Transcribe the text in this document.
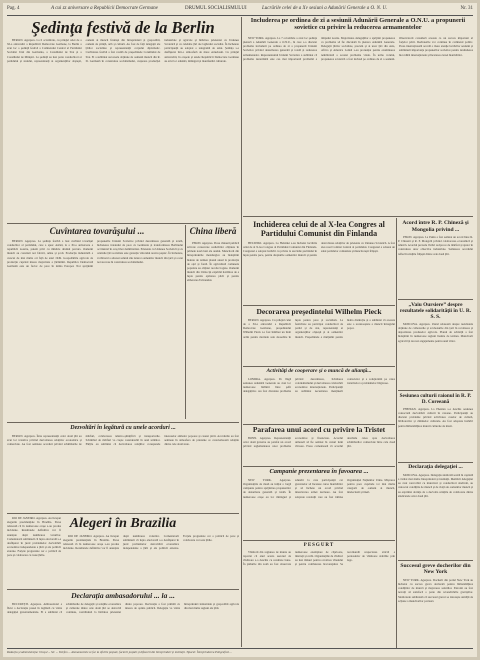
Pag. 4	A cui zz aniversare a Republicii Democrate Germane	DRUMUL SOCIALISMULUI	Lucrările celei de a Xv sesiuni a Adunării Generale a O. N. U.	Nr. 31
Şedinţa festivă de la Berlin

BERLIN. Agerpres. La 6 octombrie, cu prilejul celei de a XI-a aniversări a Republicii Democrate Germane, la Berlin a avut loc o şedinţă festivă a Comitetului Central al Partidului Socialist Unit din Germania, a Consiliului de Stat şi a Consiliului de Miniştri. La şedinţă au luat parte conducători ai partidului şi statului, reprezentanţi ai organizaţiilor obşteşti, oameni ai muncii fruntaşi din întreprinderi şi gospodării, oameni de ştiinţă, artă şi cultură. Au fost de faţă delegaţii ale ţărilor socialiste şi reprezentanţii corpului diplomatic. Cuvîntarea festivă a fost rostită de preşedintele Consiliului de Stat. El a subliniat succesele obţinute de oamenii muncii din R. D. Germană în construirea socialismului, creşterea producţiei industriale şi agricole şi întărirea prieteniei cu Uniunea Sovietică şi cu celelalte ţări ale lagărului socialist. În încheiere participanţii au adoptat o telegramă de salut. Şedinţa s-a desfăşurat într-o atmosferă de mare entuziasm. Cu prilejul aniversării, în oraşele şi satele Republicii Democrate Germane au avut loc adunări, mitinguri şi manifestări culturale.

Cuvîntarea tovarăşului ...

BERLIN. Agerpres. La şedinţa festivă a luat cuvîntul tovarăşul conducător al partidului, care a spus: Astăzi, la a XI-a aniversare a republicii noastre, putem privi cu mîndrie drumul parcurs. Oamenii muncii au construit noi fabrici, uzine şi şcoli. Producţia industrială a crescut de mai multe ori faţă de anul 1949. Gospodăriile agricole de producţie cuprind marea majoritate a ţărănimii. Republica Democrată Germană este un factor de pace în inima Europei. Noi sprijinim propunerile Uniunii Sovietice privind dezarmarea generală şi totală, încheierea tratatului de pace cu Germania şi transformarea Berlinului occidental în oraş liber demilitarizat. Prietenia cu Uniunea Sovietică şi cu celelalte ţări socialiste este garanţia viitorului nostru paşnic. În încheiere, vorbitorul a adresat salutul său tuturor oamenilor muncii din ţară şi a urat noi succese în construirea socialismului.

China liberă

PEKIN. Agerpres. Presa chineză publică articole consacrate realizărilor obţinute în primele nouă luni ale anului. Muncitorii din întreprinderile metalurgice au îndeplinit înainte de termen planul anual la producţia de oţel şi fontă. În agricultură comunele populare au obţinut recolte bogate. Oamenii muncii din China îşi exprimă hotărîrea de a lupta pentru apărarea păcii şi pentru eliberarea Taivanului.

Dezvoltări în legătură cu unele acorduri ...

BERLIN. Agerpres. Între reprezentanţii celor două ţări au avut loc tratative privind dezvoltarea relaţiilor economice şi comerciale. Au fost semnate acorduri privind schimburile de mărfuri, colaborarea tehnico-ştiinţifică şi transporturile. Schimbul de mărfuri va creşte considerabil în anul următor. Părţile au subliniat că dezvoltarea relaţiilor corespunde intereselor ambelor popoare şi cauzei păcii. Acordurile au fost semnate în atmosfera de prietenie ce caracterizează relaţiile dintre cele două state.

Alegeri în Brazilia

RIO DE JANEIRO. Agerpres. Au început alegerile prezidenţiale în Brazilia. Presa relatează că în numeroase oraşe s-au produs incidente. Rezultatele definitive vor fi anunţate după numărarea voturilor. Comentatorii subliniază că lupta electorală s-a desfăşurat în jurul problemelor dezvoltării economice independente a ţării şi ale politicii externe. Forţele progresiste cer o politică de pace şi colaborare cu toate ţările.

RIO DE JANEIRO. Agerpres. Au început alegerile prezidenţiale în Brazilia. Presa relatează că în numeroase oraşe s-au produs incidente. Rezultatele definitive vor fi anunţate după numărarea voturilor. Comentatorii subliniază că lupta electorală s-a desfăşurat în jurul problemelor dezvoltării economice independente a ţării şi ale politicii externe. Forţele progresiste cer o politică de pace şi colaborare cu toate ţările.

Declaraţia ambasadorului ... la ...

BUCUREŞTI. Agerpres. Ambasadorul a făcut o declaraţie presei în legătură cu vizita delegaţiei guvernamentale. El a subliniat că schimburile de delegaţii şi relaţiile economice şi culturale dintre cele două ţări se dezvoltă continuu, contribuind la întărirea prieteniei dintre popoare. Declaraţia a fost primită cu interes de opinia publică. Delegaţia va vizita întreprinderi industriale şi gospodării agricole din mai multe regiuni ale ţării.

Includerea pe ordinea de zi a sesiunii Adunării Generale a O.N.U. a propunerii sovietice cu privire la reducerea armamentelor

NEW YORK. Agerpres. La 7 octombrie a avut loc şedinţa plenară a Adunării Generale a O.N.U., în care s-a discutat problema includerii pe ordinea de zi a propunerii Uniunii Sovietice privind dezarmarea generală şi totală şi reducerea armamentelor. Reprezentantul Uniunii Sovietice a subliniat că problema dezarmării este cea mai importantă problemă a timpului nostru. Majoritatea delegaţiilor a sprijinit propunerea ca problema să fie discutată în plenara Adunării Generale. Delegaţii ţărilor socialiste, precum şi ai unor ţări din Asia, Africa şi America Latină s-au pronunţat pentru examinarea neîntîrziată a acestei probleme vitale. În urma votului, propunerea sovietică a fost inclusă pe ordinea de zi a sesiunii. Observatorii consideră aceasta ca un succes important al forţelor păcii. Dezbaterile vor continua în comitetul politic. Presa internaţională acordă o mare atenţie lucrărilor sesiunii şi subliniază importanţa propunerilor sovietice pentru destinderea încordării internaţionale şi încetarea cursei înarmărilor.

Inchiderea celui de al X-lea Congres al Partidului Comunist din Finlanda

HELSINKI. Agerpres. La Helsinki s-au încheiat lucrările celui de al X-lea Congres al Partidului Comunist din Finlanda. Congresul a adoptat hotărîri cu privire la sarcinile partidului în lupta pentru pace, pentru drepturile oamenilor muncii şi pentru dezvoltarea relaţiilor de prietenie cu Uniunea Sovietică. A fost ales noul Comitet Central al partidului. Congresul a adresat un salut partidelor comuniste şi muncitoreşti frăţeşti.

Decorarea preşedintelui Wilhelm Pieck

BERLIN. Agerpres. Cu prilejul celei de a XI-a aniversări a Republicii Democrate Germane, preşedintelui Wilhelm Pieck i-a fost înmînat un înalt ordin pentru meritele sale deosebite în lupta pentru pace şi socialism. La festivitate au participat conducători de partid şi de stat, reprezentanţi ai organizaţiilor obşteşti şi ai oamenilor muncii. Preşedintele a mulţumit pentru înalta distincţie şi a subliniat că aceasta este o recunoaştere a muncii întregului popor.

Activităţi de cooperare şi o muncă de alianţă...

LONDRA. Agerpres. Pe lîngă sesiunea Adunării Generale au avut loc numeroase întîlniri între şefii delegaţiilor. Au fost discutate probleme privind dezarmarea, lichidarea colonialismului şi dezvoltarea colaborării economice internaţionale. Participanţii au subliniat necesitatea menţinerii contactelor şi a soluţionării pe calea tratativelor a problemelor litigioase.

Parafarea unui acord cu privire la Tristet

BONN. Agerpres. Reprezentanţii celor două guverne au parafat un acord privind reglementarea unor probleme economice şi financiare. Acordul urmează să fie semnat în cursul lunii viitoare. Presa comentează că acordul deschide calea spre dezvoltarea schimburilor comerciale între cele două ţări.

Campanie prezentarea în favoarea ...

NEW YORK. Agerpres. Organizaţiile de masă au iniţiat o largă campanie pentru sprijinirea propunerilor de dezarmare generală şi totală. În numeroase oraşe au loc mitinguri şi adunări la care participanţii cer guvernelor să înceteze cursa înarmărilor şi să încheie un acord privind interzicerea armei nucleare. Au fost adoptate rezoluţii care au fost trimise Organizaţiei Naţiunilor Unite. Mişcarea pentru pace cuprinde tot mai multe categorii de oameni ai muncii, intelectuali şi tineri.

PESGURT

Vînătorii din regiunea de munte au raportat că anul acesta sezonul de vînătoare s-a deschis cu rezultate bune. În pădurile din zonă au fost observate numeroase exemplare de căprioare, mistreţi şi cerbi. Organizaţiile de vînători au luat măsuri pentru ocrotirea vînatului şi pentru combaterea braconajului. Se recomandă respectarea strictă a perioadelor de vînătoare stabilite prin lege.

Acord între R. P. Chineză şi Mongolia privind ...

PEKIN. Agerpres. La Pekin a fost semnat un acord între R. P. Chineză şi R. P. Mongolă privind colaborarea economică şi tehnică. Acordul prevede livrări reciproce de mărfuri şi ajutor în construirea unor obiective industriale. Semnarea acordului reflectă relaţiile frăţeşti dintre cele două ţări.

„Vaiu Oursiere” despre rezultatele solidarităţii în U. R. S. S.

MOSCOVA. Agerpres. Ziarul relatează despre rezultatele obţinute de colhozurile şi sovhozurile din ţară în recoltarea şi depozitarea produselor agricole. Planul de achiziţii a fost îndeplinit în numeroase regiuni înainte de termen. Muncitorii agricoli îşi iau noi angajamente pentru anul viitor.

Sesiunea culturii raionul în R. P. D. Coreeană

PHENIAN. Agerpres. La Phenian s-a deschis sesiunea consacrată dezvoltării culturii în raioane. Participanţii au discutat probleme privind activitatea caselor de cultură, bibliotecilor şi căminelor culturale. Au fost adoptate hotărîri pentru îmbunătăţirea muncii culturale de masă.

Declaraţia delegaţiei ...

MOSCOVA. Agerpres. Delegaţia sindicală sosită în capitală a vizitat mai multe întreprinderi şi instituţii. Membrii delegaţiei au avut convorbiri cu muncitori şi conducători sindicali, au cunoscut condiţiile de muncă şi de viaţă ale oamenilor muncii şi au exprimat dorinţa de a dezvolta relaţiile de colaborare dintre sindicatele celor două ţări.

Succesul greve docherilor din New York

NEW YORK. Agerpres. Docherii din portul New York au încheiat cu succes greva declarată pentru îmbunătăţirea condiţiilor de muncă şi majorarea salariilor. Patronii au fost nevoiţi să satisfacă o parte din revendicările greviştilor. Sindicatele subliniază că succesul grevei se datoreşte unităţii de acţiune a muncitorilor portuari.

Redacţia şi administraţia: Oraşul ... Str. ... Telefon ... Abonamentele se fac la oficiile poştale, factorii poştali şi difuzorii din întreprinderi şi instituţii. Tiparul: Întreprinderea Poligrafică ...
